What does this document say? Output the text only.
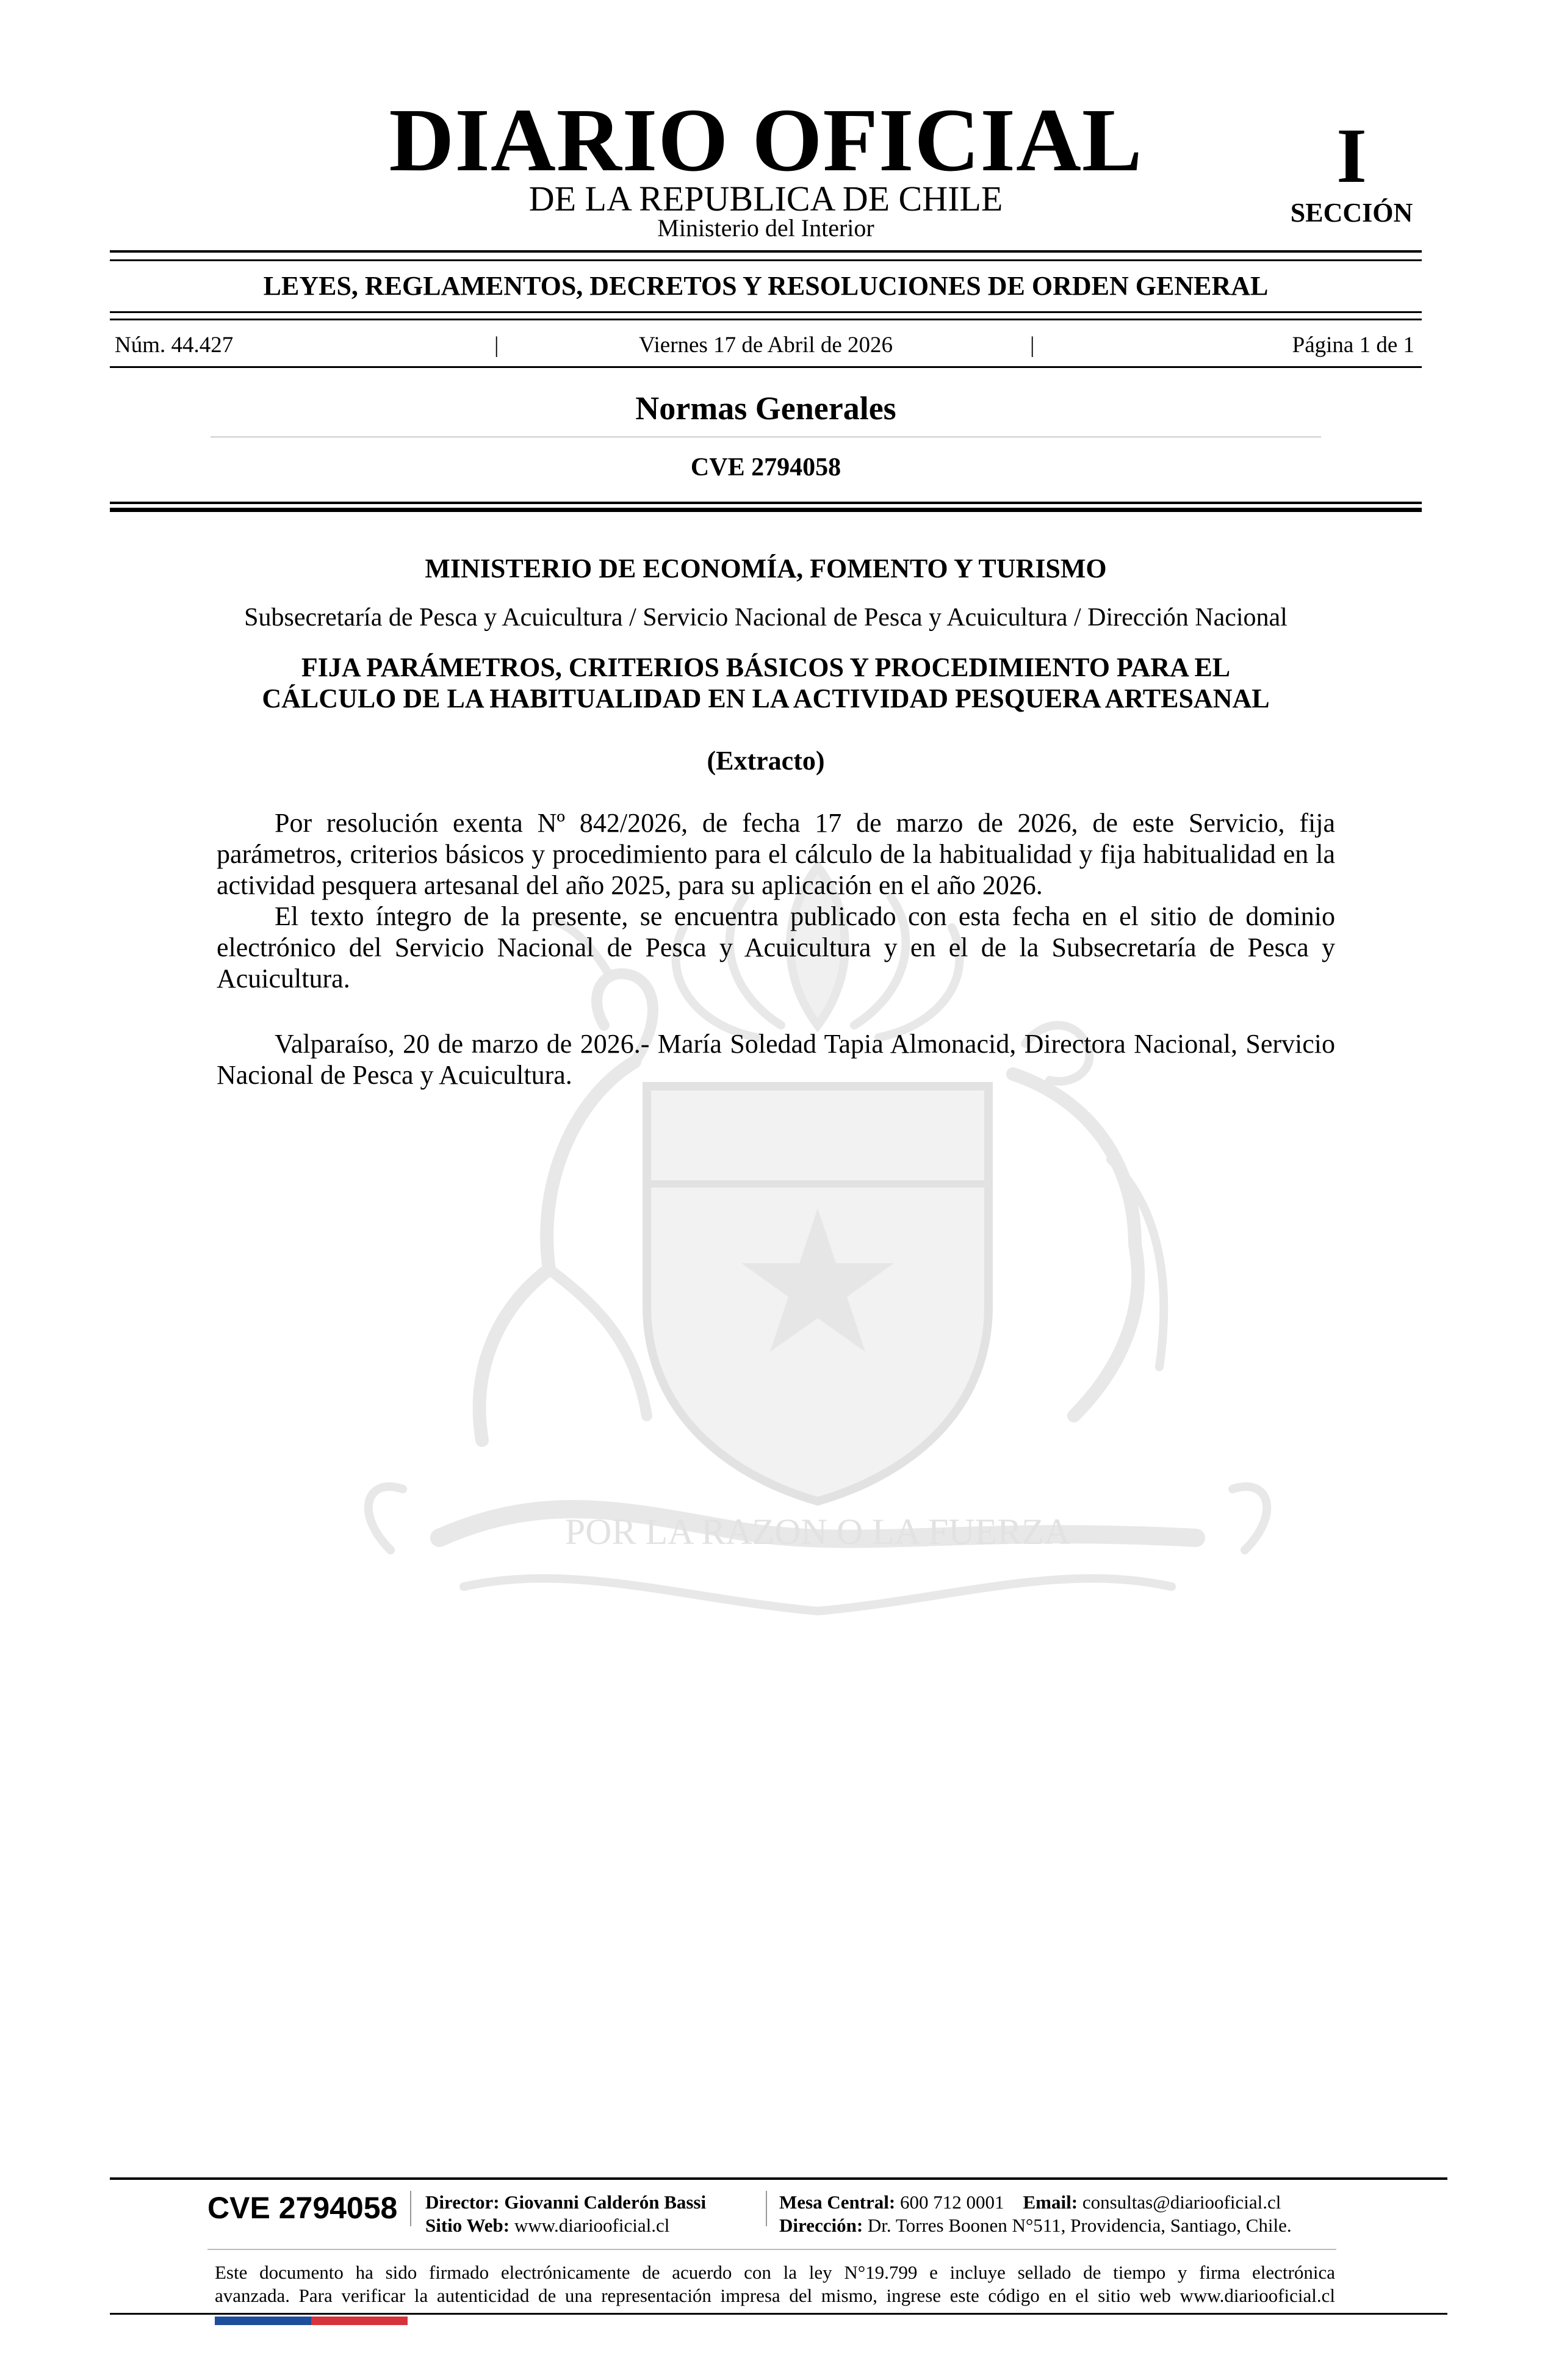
POR LA RAZON O LA FUERZA
DIARIO OFICIAL
DE LA REPUBLICA DE CHILE
Ministerio del Interior
I
SECCIÓN
LEYES, REGLAMENTOS, DECRETOS Y RESOLUCIONES DE ORDEN GENERAL
Núm. 44.427	|	Viernes 17 de Abril de 2026	|	Página 1 de 1
Normas Generales
CVE 2794058
MINISTERIO DE ECONOMÍA, FOMENTO Y TURISMO
Subsecretaría de Pesca y Acuicultura / Servicio Nacional de Pesca y Acuicultura / Dirección Nacional
FIJA PARÁMETROS, CRITERIOS BÁSICOS Y PROCEDIMIENTO PARA EL
CÁLCULO DE LA HABITUALIDAD EN LA ACTIVIDAD PESQUERA ARTESANAL
(Extracto)

Por resolución exenta Nº 842/2026, de fecha 17 de marzo de 2026, de este Servicio, fija parámetros, criterios básicos y procedimiento para el cálculo de la habitualidad y fija habitualidad en la actividad pesquera artesanal del año 2025, para su aplicación en el año 2026.

El texto íntegro de la presente, se encuentra publicado con esta fecha en el sitio de dominio electrónico del Servicio Nacional de Pesca y Acuicultura y en el de la Subsecretaría de Pesca y Acuicultura.

Valparaíso, 20 de marzo de 2026.- María Soledad Tapia Almonacid, Directora Nacional, Servicio Nacional de Pesca y Acuicultura.

CVE 2794058 Director: Giovanni Calderón Bassi
Sitio Web: www.diariooficial.cl
Mesa Central: 600 712 0001 Email: consultas@diariooficial.cl
Dirección: Dr. Torres Boonen N°511, Providencia, Santiago, Chile.
Este documento ha sido firmado electrónicamente de acuerdo con la ley N°19.799 e incluye sellado de tiempo y firma electrónica
avanzada. Para verificar la autenticidad de una representación impresa del mismo, ingrese este código en el sitio web www.diariooficial.cl
